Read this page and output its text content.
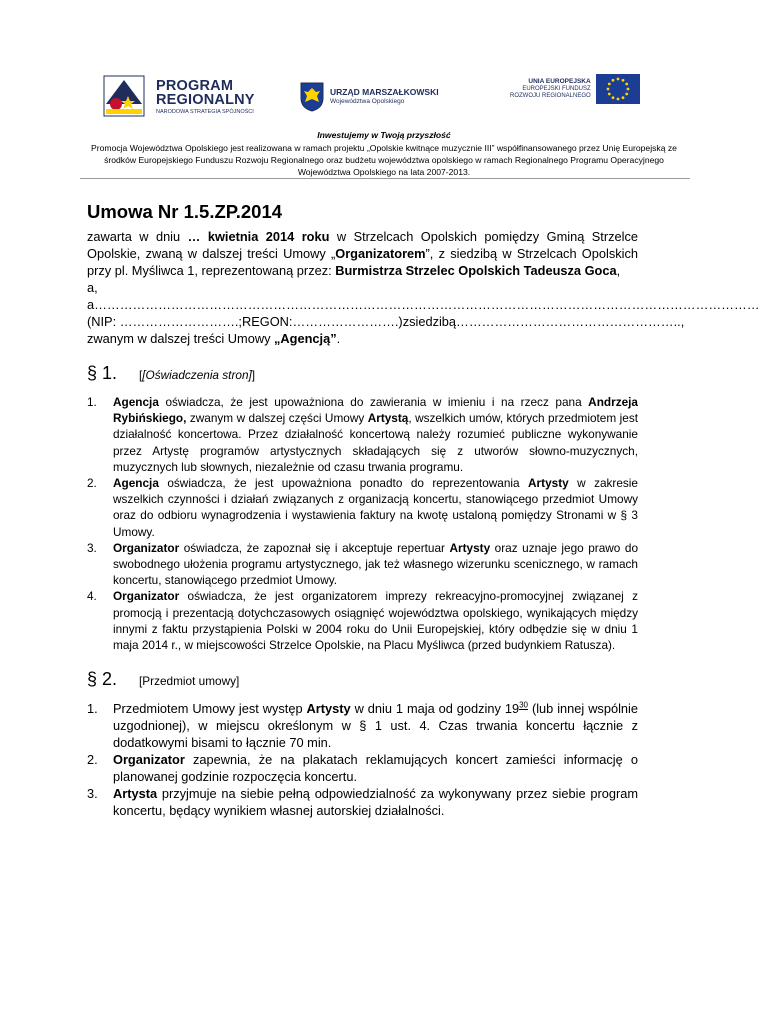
PROGRAM
REGIONALNY
NARODOWA STRATEGIA SPÓJNOŚCI
URZĄD MARSZAŁKOWSKI
Województwa Opolskiego
UNIA EUROPEJSKA
EUROPEJSKI FUNDUSZ
ROZWOJU REGIONALNEGO
Inwestujemy w Twoją przyszłość
Promocja Województwa Opolskiego jest realizowana w ramach projektu „Opolskie kwitnące muzycznie III” współfinansowanego przez Unię Europejską ze środków Europejskiego Funduszu Rozwoju Regionalnego oraz budżetu województwa opolskiego w ramach Regionalnego Programu Operacyjnego Województwa Opolskiego na lata 2007-2013.
Umowa Nr 1.5.ZP.2014

zawarta w dniu … kwietnia 2014 roku w Strzelcach Opolskich pomiędzy Gminą Strzelce Opolskie, zwaną w dalszej treści Umowy „Organizatorem”, z siedzibą w Strzelcach Opolskich przy pl. Myśliwca 1, reprezentowaną przez: Burmistrza Strzelec Opolskich Tadeusza Goca,

a,
a …………………………………………………………………………………………………………………………………………
(NIP: ……………………….; REGON: …………………….) z siedzibą ……………………………………………..,
zwanym w dalszej treści Umowy „Agencją”.
§ 1.	[[Oświadczenia stron]]
1. Agencja oświadcza, że jest upoważniona do zawierania w imieniu i na rzecz pana Andrzeja Rybińskiego, zwanym w dalszej części Umowy Artystą, wszelkich umów, których przedmiotem jest działalność koncertowa. Przez działalność koncertową należy rozumieć publiczne wykonywanie przez Artystę programów artystycznych składających się z utworów słowno-muzycznych, muzycznych lub słownych, niezależnie od czasu trwania programu.
2. Agencja oświadcza, że jest upoważniona ponadto do reprezentowania Artysty w zakresie wszelkich czynności i działań związanych z organizacją koncertu, stanowiącego przedmiot Umowy oraz do odbioru wynagrodzenia i wystawienia faktury na kwotę ustaloną pomiędzy Stronami w § 3 Umowy.
3. Organizator oświadcza, że zapoznał się i akceptuje repertuar Artysty oraz uznaje jego prawo do swobodnego ułożenia programu artystycznego, jak też własnego wizerunku scenicznego, w ramach koncertu, stanowiącego przedmiot Umowy.
4. Organizator oświadcza, że jest organizatorem imprezy rekreacyjno-promocyjnej związanej z promocją i prezentacją dotychczasowych osiągnięć województwa opolskiego, wynikających między innymi z faktu przystąpienia Polski w 2004 roku do Unii Europejskiej, który odbędzie się w dniu 1 maja 2014 r., w miejscowości Strzelce Opolskie, na Placu Myśliwca (przed budynkiem Ratusza).
§ 2.	[Przedmiot umowy]
1. Przedmiotem Umowy jest występ Artysty w dniu 1 maja od godziny $19^{30}$ (lub innej wspólnie uzgodnionej), w miejscu określonym w § 1 ust. 4. Czas trwania koncertu łącznie z dodatkowymi bisami to łącznie 70 min.
2. Organizator zapewnia, że na plakatach reklamujących koncert zamieści informację o planowanej godzinie rozpoczęcia koncertu.
3. Artysta przyjmuje na siebie pełną odpowiedzialność za wykonywany przez siebie program koncertu, będący wynikiem własnej autorskiej działalności.
